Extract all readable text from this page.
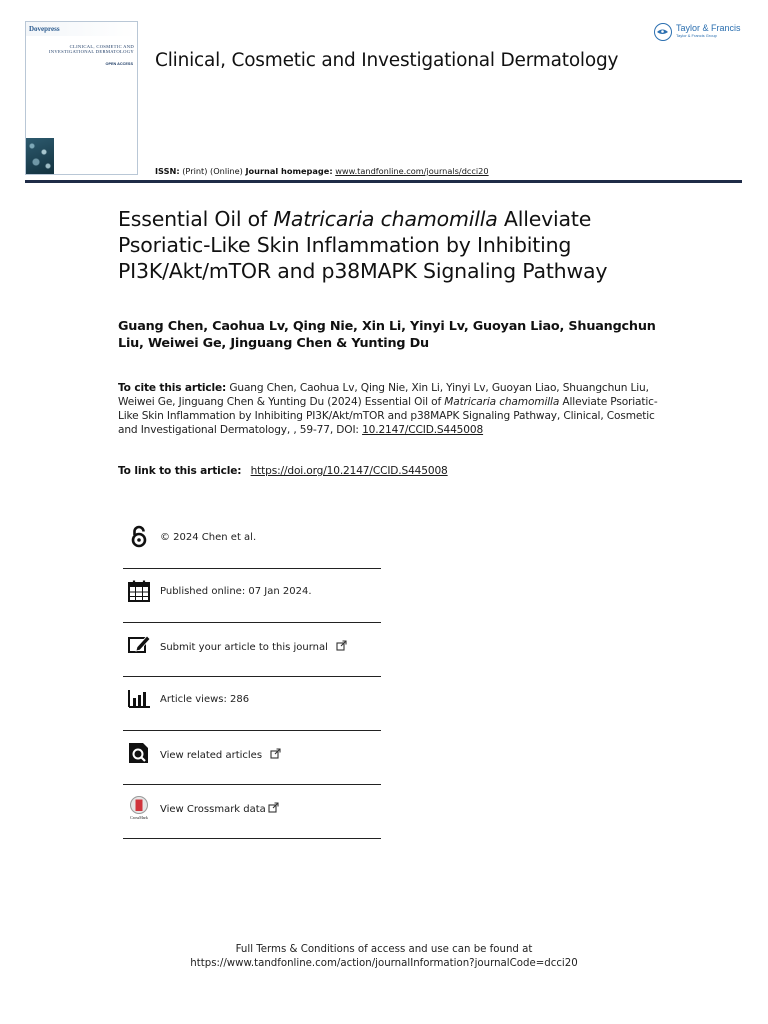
Dovepress
CLINICAL, COSMETIC AND
INVESTIGATIONAL DERMATOLOGY
OPEN ACCESS Clinical, Cosmetic and Investigational Dermatology
Taylor & Francis
Taylor & Francis Group
ISSN: (Print) (Online) Journal homepage: www.tandfonline.com/journals/dcci20
Essential Oil of Matricaria chamomilla Alleviate Psoriatic-Like Skin Inflammation by Inhibiting PI3K/Akt/mTOR and p38MAPK Signaling Pathway
Guang Chen, Caohua Lv, Qing Nie, Xin Li, Yinyi Lv, Guoyan Liao, Shuangchun Liu, Weiwei Ge, Jinguang Chen & Yunting Du
To cite this article: Guang Chen, Caohua Lv, Qing Nie, Xin Li, Yinyi Lv, Guoyan Liao, Shuangchun Liu, Weiwei Ge, Jinguang Chen & Yunting Du (2024) Essential Oil of Matricaria chamomilla Alleviate Psoriatic-Like Skin Inflammation by Inhibiting PI3K/Akt/mTOR and p38MAPK Signaling Pathway, Clinical, Cosmetic and Investigational Dermatology, , 59-77, DOI: 10.2147/CCID.S445008
To link to this article: https://doi.org/10.2147/CCID.S445008
© 2024 Chen et al.
Published online: 07 Jan 2024.
Submit your article to this journal
Article views: 286
View related articles
CrossMark
View Crossmark data
Full Terms & Conditions of access and use can be found at
https://www.tandfonline.com/action/journalInformation?journalCode=dcci20
